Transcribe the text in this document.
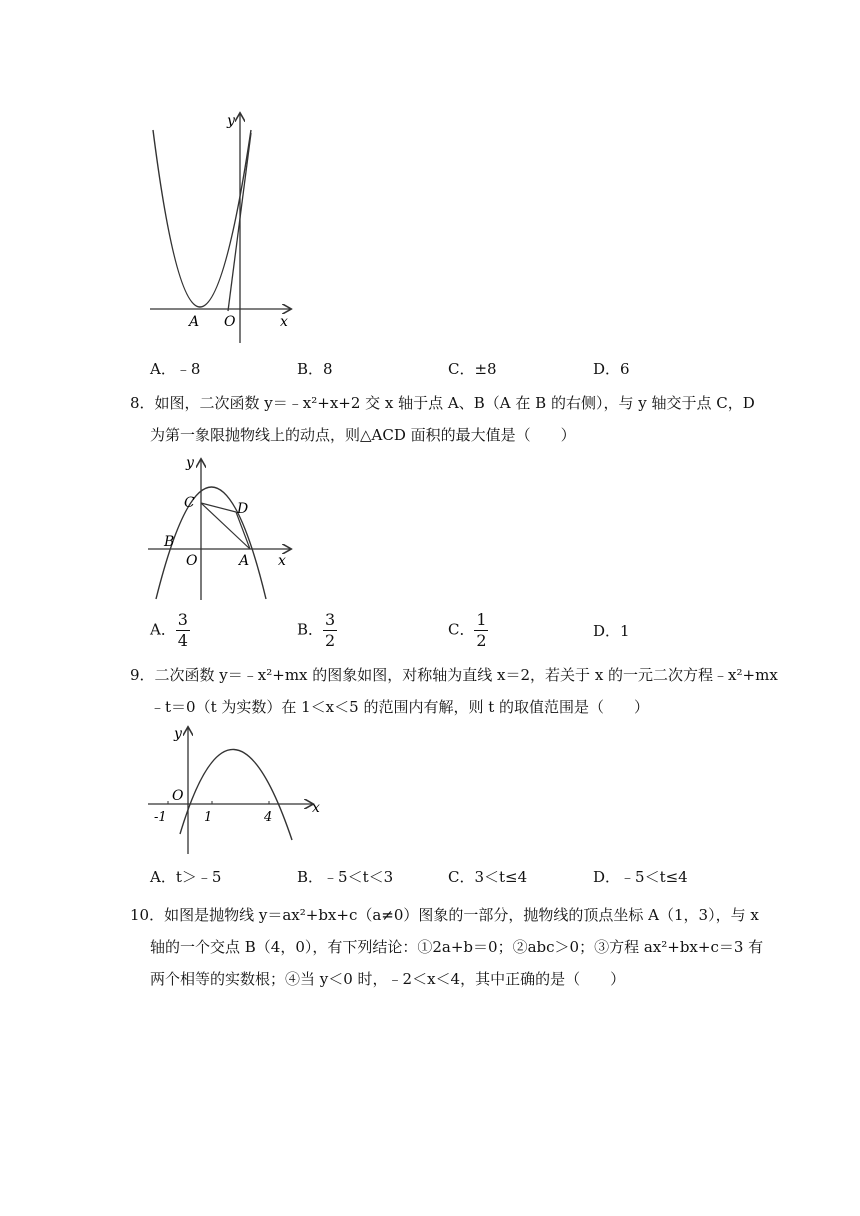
y
x
A O
A．﹣8	B．8	C．±8	D．6
8．如图，二次函数 y＝﹣x²+x+2 交 x 轴于点 A、B（A 在 B 的右侧），与 y 轴交于点 C，D
为第一象限抛物线上的动点，则△ACD 面积的最大值是（　　）
y
x
C	D
B
O	A
A． $\frac{3}{4}$	B． $\frac{3}{2}$	C． $\frac{1}{2}$	D．1
9．二次函数 y＝﹣x²+mx 的图象如图，对称轴为直线 x＝2，若关于 x 的一元二次方程﹣x²+mx
﹣t＝0（t 为实数）在 1＜x＜5 的范围内有解，则 t 的取值范围是（　　）
y
x
O
-1	1	4
A．t＞﹣5	B．﹣5＜t＜3	C．3＜t≤4	D．﹣5＜t≤4
10．如图是抛物线 y＝ax²+bx+c（a≠0）图象的一部分，抛物线的顶点坐标 A（1，3），与 x
轴的一个交点 B（4，0），有下列结论：①2a+b＝0；②abc＞0；③方程 ax²+bx+c＝3 有
两个相等的实数根；④当 y＜0 时，﹣2＜x＜4，其中正确的是（　　）
